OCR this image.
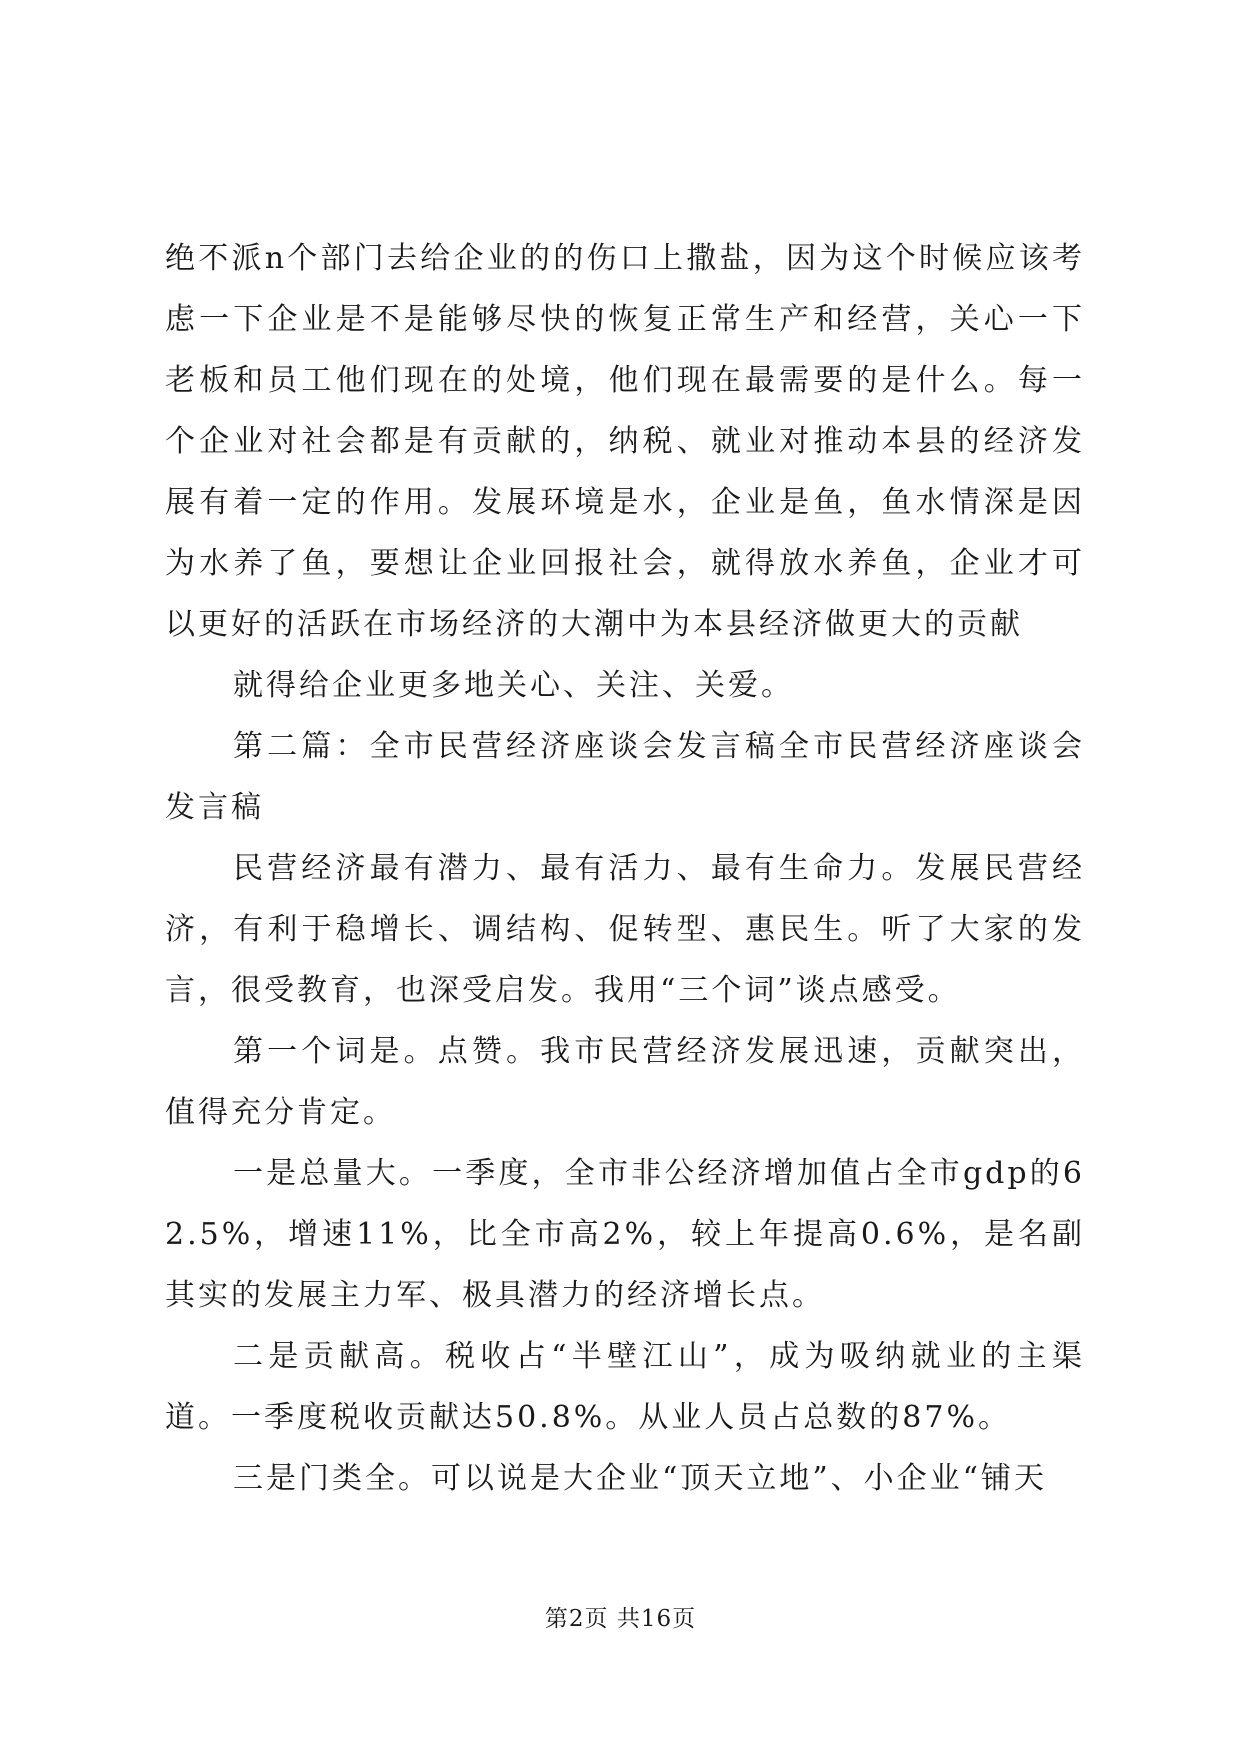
绝不派n个部门去给企业的的伤口上撒盐，因为这个时候应该考虑一下企业是不是能够尽快的恢复正常生产和经营，关心一下老板和员工他们现在的处境，他们现在最需要的是什么。每一个企业对社会都是有贡献的，纳税、就业对推动本县的经济发展有着一定的作用。发展环境是水，企业是鱼，鱼水情深是因为水养了鱼，要想让企业回报社会，就得放水养鱼，企业才可以更好的活跃在市场经济的大潮中为本县经济做更大的贡献

就得给企业更多地关心、关注、关爱。

第二篇：全市民营经济座谈会发言稿全市民营经济座谈会发言稿

民营经济最有潜力、最有活力、最有生命力。发展民营经济，有利于稳增长、调结构、促转型、惠民生。听了大家的发言，很受教育，也深受启发。我用“三个词”谈点感受。

第一个词是。点赞。我市民营经济发展迅速，贡献突出，值得充分肯定。

一是总量大。一季度，全市非公经济增加值占全市gdp的62.5%，增速11%，比全市高2%，较上年提高0.6%，是名副其实的发展主力军、极具潜力的经济增长点。

二是贡献高。税收占“半壁江山”，成为吸纳就业的主渠道。一季度税收贡献达50.8%。从业人员占总数的87%。

三是门类全。可以说是大企业“顶天立地”、小企业“铺天

第2页 共16页
